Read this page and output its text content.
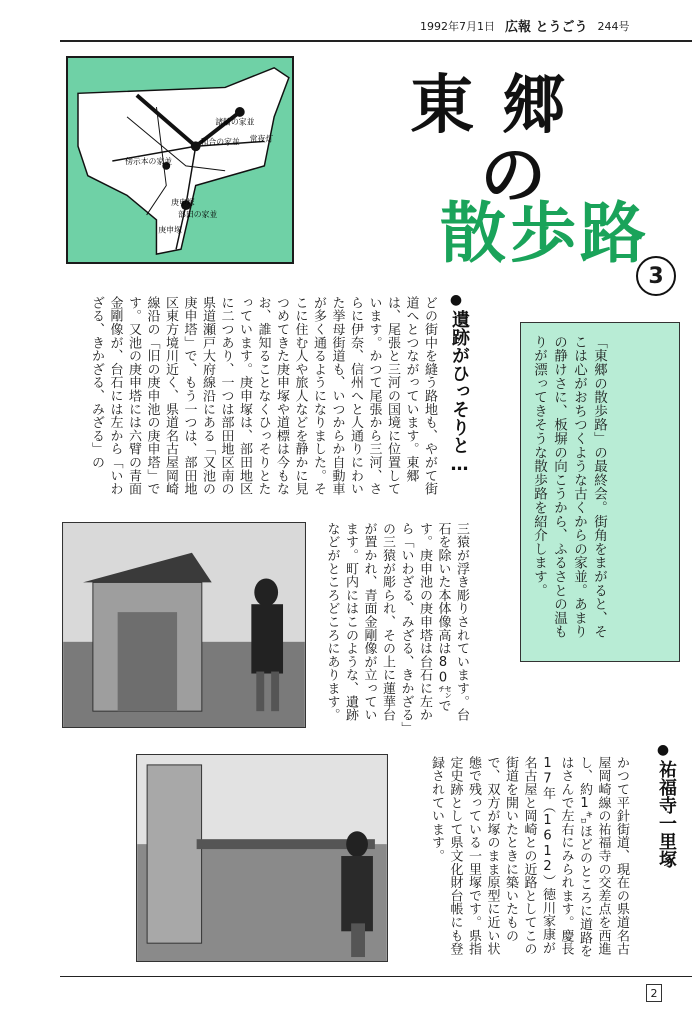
1992年7月1日 広報 とうごう 244号
諸輪の家並
和合の家並 常夜灯
傍示本の家並
庚申塚
部田の家並
庚申塚
東郷
の
散歩路
3
「東郷の散歩路」の最終会。街角をまがると、そこは心がおちつくような古くからの家並。あまりの静けさに、板塀の向こうから、ふるさとの温もりが漂ってきそうな散歩路を紹介します。
●
遺跡がひっそりと…
どの街中を縫う路地も、やがて街道へとつながっています。東郷は、尾張と三河の国境に位置しています。かつて尾張から三河、さらに伊奈、信州へと人通りにわいた挙母街道も、いつからか自動車が多く通るようになりました。そこに住む人や旅人などを静かに見つめてきた庚申塚や道標は今もなお、誰知ることなくひっそりとたっています。庚申塚は、部田地区に二つあり、一つは部田地区南の県道瀬戸大府線沿にある「又池の庚申塔」で、もう一つは、部田地区東方境川近く、県道名古屋岡崎線沿の「旧の庚申池の庚申塔」です。又池の庚申塔には六臂の青面金剛像が、台石には左から「いわざる、きかざる、みざる」の
三猿が浮き彫りされています。台石を除いた本体像高は80㌢です。庚申池の庚申塔は台石に左から「いわざる、みざる、きかざる」の三猿が彫られ、その上に蓮華台が置かれ、青面金剛像が立っています。町内にはこのような、遺跡などがところどころにあります。
かつて平針街道、現在の県道名古屋岡崎線の祐福寺の交差点を西進し、約1㌔ほどのところに道路をはさんで左右にみられます。慶長17年（1612）徳川家康が名古屋と岡崎との近路としてこの街道を開いたときに築いたもので、双方が塚のまま原型に近い状態で残っている一里塚です。県指定史跡として県文化財台帳にも登録されています。
●
祐福寺一里塚
2
